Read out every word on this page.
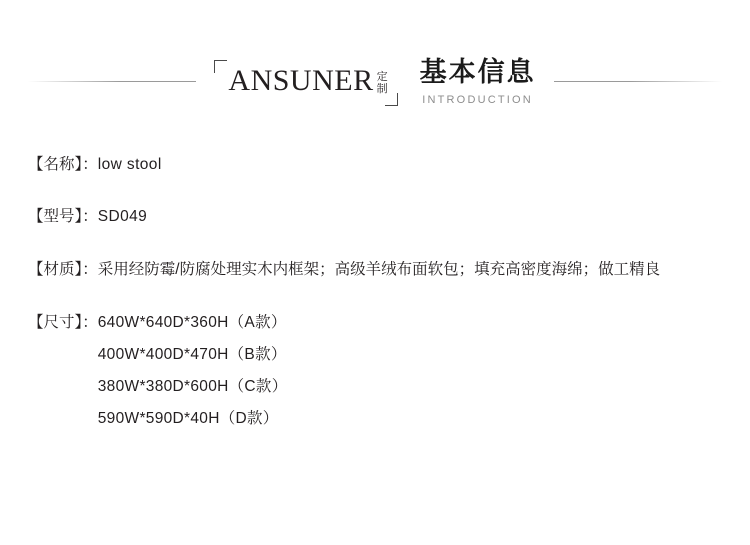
ANSUNER 定
制
基本信息
INTRODUCTION
【名称】：low stool
【型号】：SD049
【材质】：采用经防霉/防腐处理实木内框架；高级羊绒布面软包；填充高密度海绵；做工精良
【尺寸】： 640W*640D*360H（A款）
400W*400D*470H（B款）
380W*380D*600H（C款）
590W*590D*40H（D款）
